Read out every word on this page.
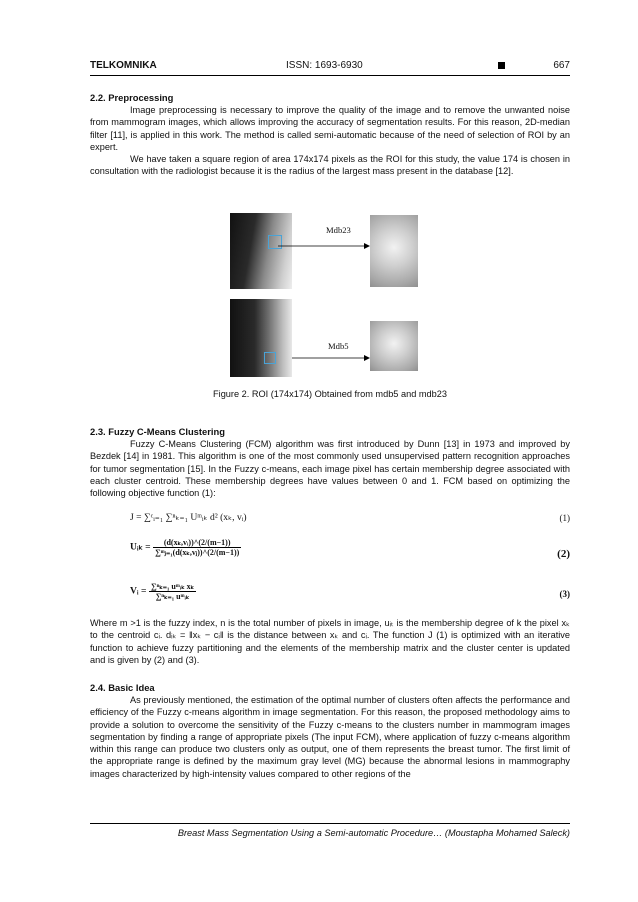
TELKOMNIKA	ISSN: 1693-6930	667
2.2. Preprocessing

Image preprocessing is necessary to improve the quality of the image and to remove the unwanted noise from mammogram images, which allows improving the accuracy of segmentation results. For this reason, 2D-median filter [11], is applied in this work. The method is called semi-automatic because of the need of selection of ROI by an expert.

We have taken a square region of area 174x174 pixels as the ROI for this study, the value 174 is chosen in consultation with the radiologist because it is the radius of the largest mass present in the database [12].

Mdb23
Mdb5
Figure 2. ROI (174x174) Obtained from mdb5 and mdb23
2.3. Fuzzy C-Means Clustering

Fuzzy C-Means Clustering (FCM) algorithm was first introduced by Dunn [13] in 1973 and improved by Bezdek [14] in 1981. This algorithm is one of the most commonly used unsupervised pattern recognition approaches for tumor segmentation [15]. In the Fuzzy c-means, each image pixel has certain membership degree associated with each cluster centroid. These membership degrees have values between 0 and 1. FCM based on optimizing the following objective function (1):

J = ∑ᶜᵢ₌₁ ∑ⁿₖ₌₁ Uᵐᵢₖ d² (xₖ, vᵢ)	(1)
Uᵢₖ = $\frac{\text{(d(xₖ,vᵢ))\textasciicircum{}(2/(m−1))}}{\text{∑ᵐⱼ₌₁(d(xₖ,vⱼ))\textasciicircum{}(2/(m−1))}}$	(2)
Vᵢ = $\frac{\text{∑ⁿₖ₌₁ uᵐᵢₖ xₖ}}{\text{∑ⁿₖ₌₁ uᵐᵢₖ}}$	(3)

Where m >1 is the fuzzy index, n is the total number of pixels in image, uᵢₜ is the membership degree of k the pixel xₖ to the centroid cᵢ. dᵢₖ = ‖xₖ − cᵢ‖ is the distance between xₖ and cᵢ. The function J (1) is optimized with an iterative function to achieve fuzzy partitioning and the elements of the membership matrix and the cluster center is updated and is given by (2) and (3).

2.4. Basic Idea

As previously mentioned, the estimation of the optimal number of clusters often affects the performance and efficiency of the Fuzzy c-means algorithm in image segmentation. For this reason, the proposed methodology aims to provide a solution to overcome the sensitivity of the Fuzzy c-means to the clusters number in mammogram images segmentation by finding a range of appropriate pixels (The input FCM), where application of fuzzy c-means algorithm within this range can produce two clusters only as output, one of them represents the breast tumor. The first limit of the appropriate range is defined by the maximum gray level (MG) because the abnormal lesions in mammography images characterized by high-intensity values compared to other regions of the

Breast Mass Segmentation Using a Semi-automatic Procedure… (Moustapha Mohamed Saleck)
